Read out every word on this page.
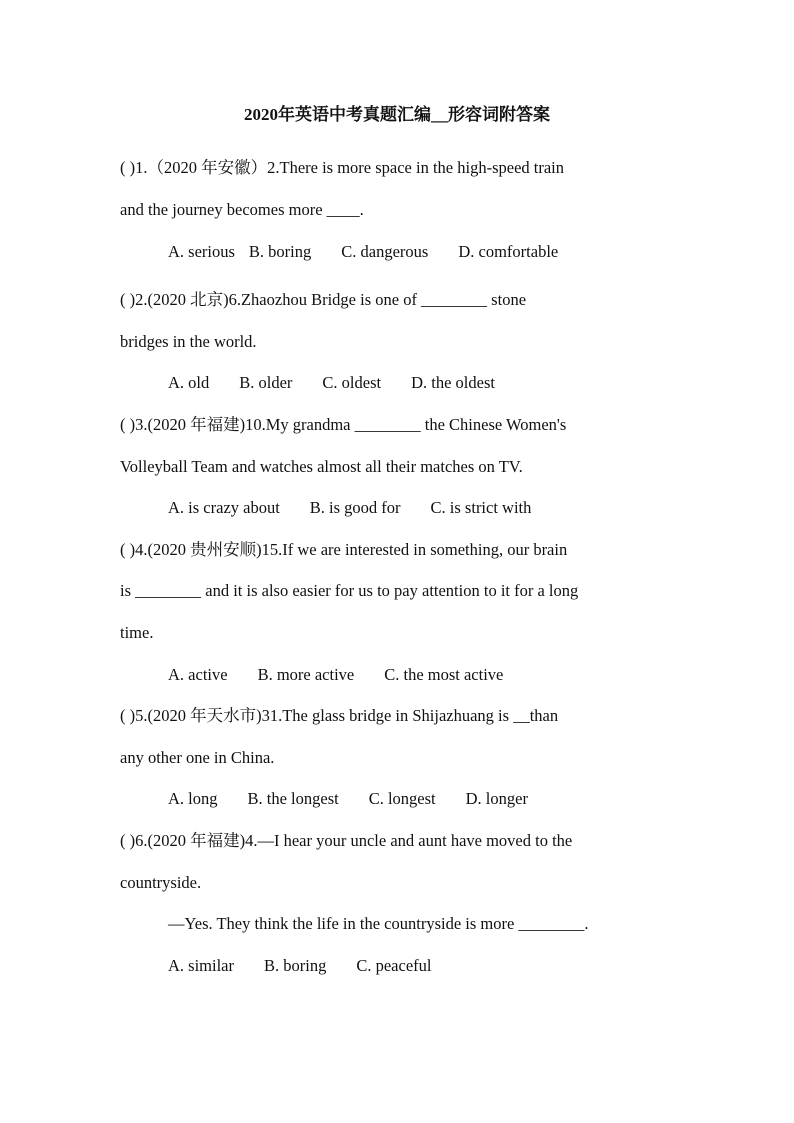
2020年英语中考真题汇编__形容词附答案
( )1.（2020 年安徽）2.There is more space in the high-speed train
and the journey becomes more ____.
A. serious B. boring C. dangerous D. comfortable
( )2.(2020 北京)6.Zhaozhou Bridge is one of ________ stone
bridges in the world.
A. old B. older C. oldest D. the oldest
( )3.(2020 年福建)10.My grandma ________ the Chinese Women's
Volleyball Team and watches almost all their matches on TV.
A. is crazy about B. is good for C. is strict with
( )4.(2020 贵州安顺)15.If we are interested in something, our brain
is ________ and it is also easier for us to pay attention to it for a long
time.
A. active B. more active C. the most active
( )5.(2020 年天水市)31.The glass bridge in Shijazhuang is __than
any other one in China.
A. long B. the longest C. longest D. longer
( )6.(2020 年福建)4.—I hear your uncle and aunt have moved to the
countryside.
—Yes. They think the life in the countryside is more ________.
A. similar B. boring C. peaceful
